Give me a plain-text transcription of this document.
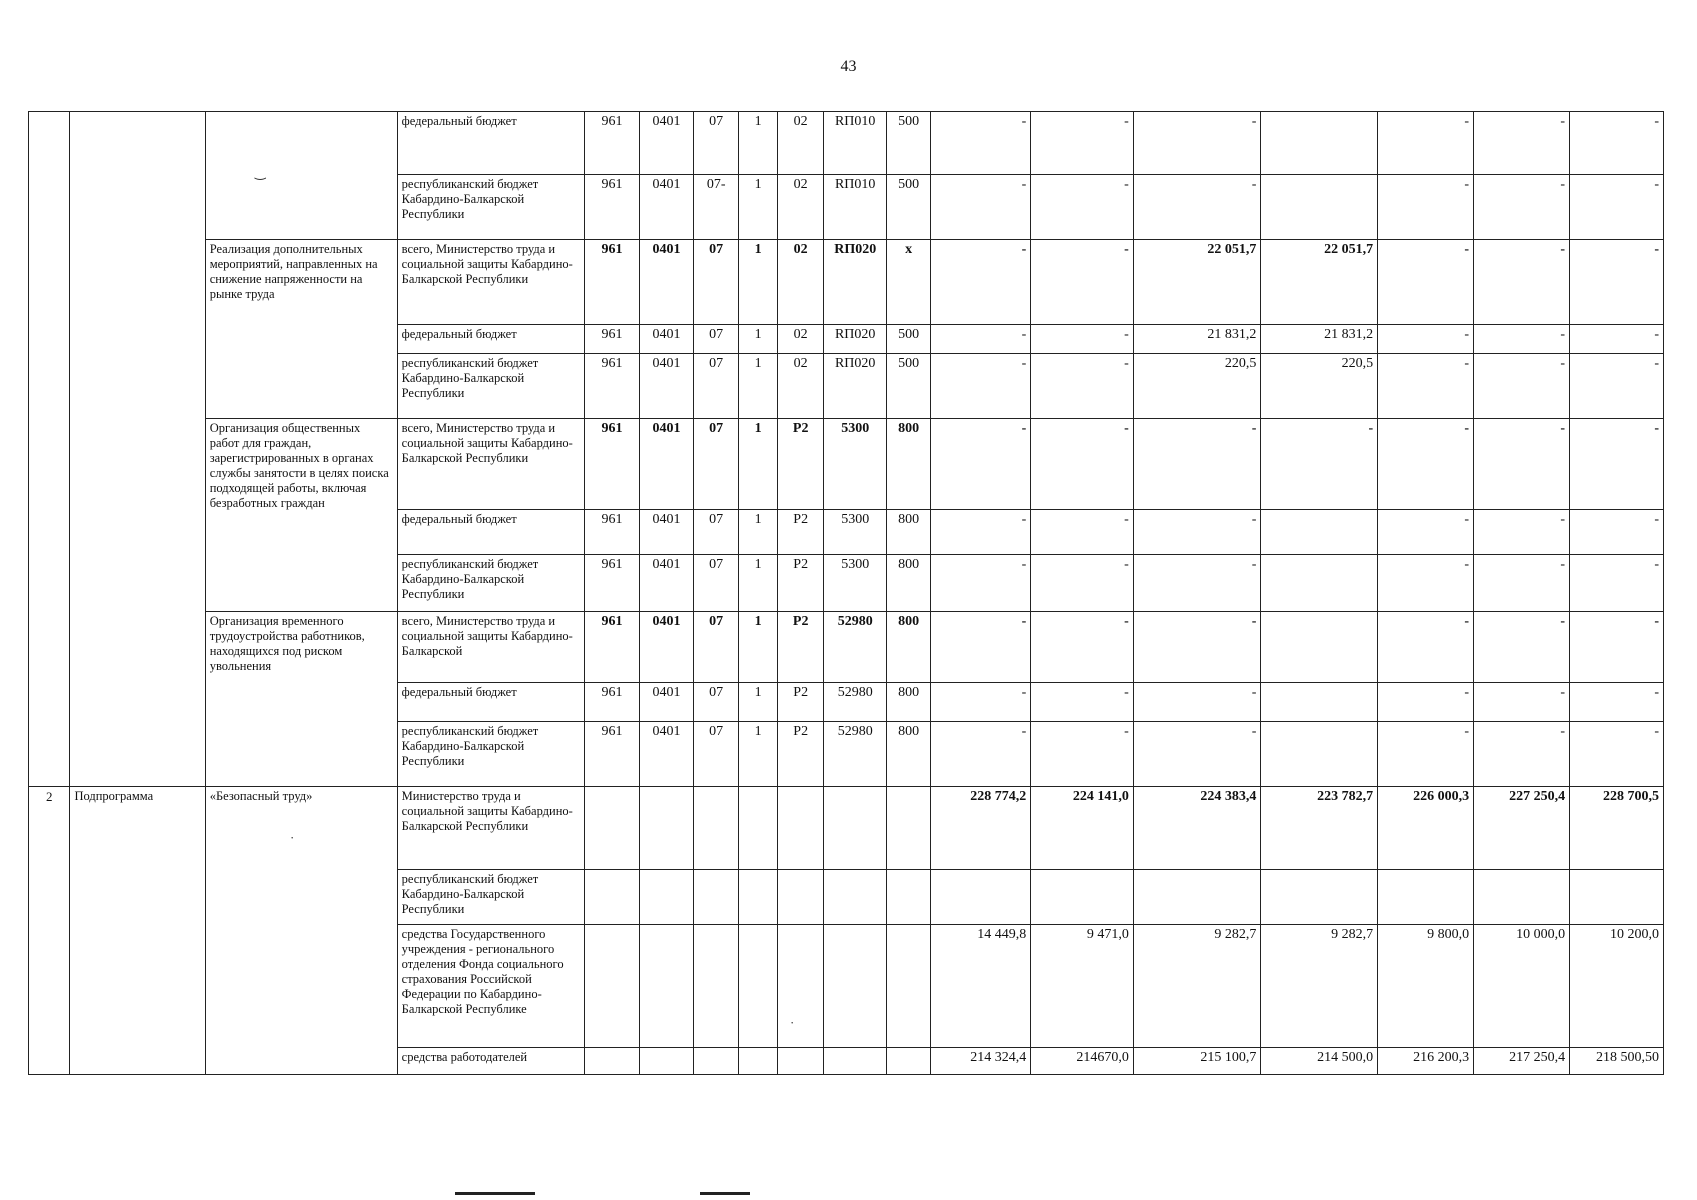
43
			федеральный бюджет	961	0401	07	1	02	RП010	500	-	-	-		-	-	-
			республиканский бюджет Кабардино-Балкарской Республики	961	0401	07-	1	02	RП010	500	-	-	-		-	-	-
		Реализация дополнительных мероприятий, направленных на снижение напряженности на рынке труда	всего, Министерство труда и социальной защиты Кабардино-Балкарской Республики	961	0401	07	1	02	RП020	х	-	-	22 051,7	22 051,7	-	-	-
			федеральный бюджет	961	0401	07	1	02	RП020	500	-	-	21 831,2	21 831,2	-	-	-
			республиканский бюджет Кабардино-Балкарской Республики	961	0401	07	1	02	RП020	500	-	-	220,5	220,5	-	-	-
		Организация общественных работ для граждан, зарегистрированных в органах службы занятости в целях поиска подходящей работы, включая безработных граждан	всего, Министерство труда и социальной защиты Кабардино-Балкарской Республики	961	0401	07	1	P2	5300	800	-	-	-	-	-	-	-
			федеральный бюджет	961	0401	07	1	P2	5300	800	-	-	-		-	-	-
			республиканский бюджет Кабардино-Балкарской Республики	961	0401	07	1	P2	5300	800	-	-	-		-	-	-
		Организация временного трудоустройства работников, находящихся под риском увольнения	всего, Министерство труда и социальной защиты Кабардино-Балкарской	961	0401	07	1	P2	52980	800	-	-	-		-	-	-
			федеральный бюджет	961	0401	07	1	P2	52980	800	-	-	-		-	-	-
			республиканский бюджет Кабардино-Балкарской Республики	961	0401	07	1	P2	52980	800	-	-	-		-	-	-
2	Подпрограмма	«Безопасный труд»	Министерство труда и социальной защиты Кабардино-Балкарской Республики								228 774,2	224 141,0	224 383,4	223 782,7	226 000,3	227 250,4	228 700,5
			республиканский бюджет Кабардино-Балкарской Республики														
			средства Государственного учреждения - регионального отделения Фонда социального страхования Российской Федерации по Кабардино-Балкарской Республике								14 449,8	9 471,0	9 282,7	9 282,7	9 800,0	10 000,0	10 200,0
			средства работодателей								214 324,4	214670,0	215 100,7	214 500,0	216 200,3	217 250,4	218 500,50
‿
·
·
